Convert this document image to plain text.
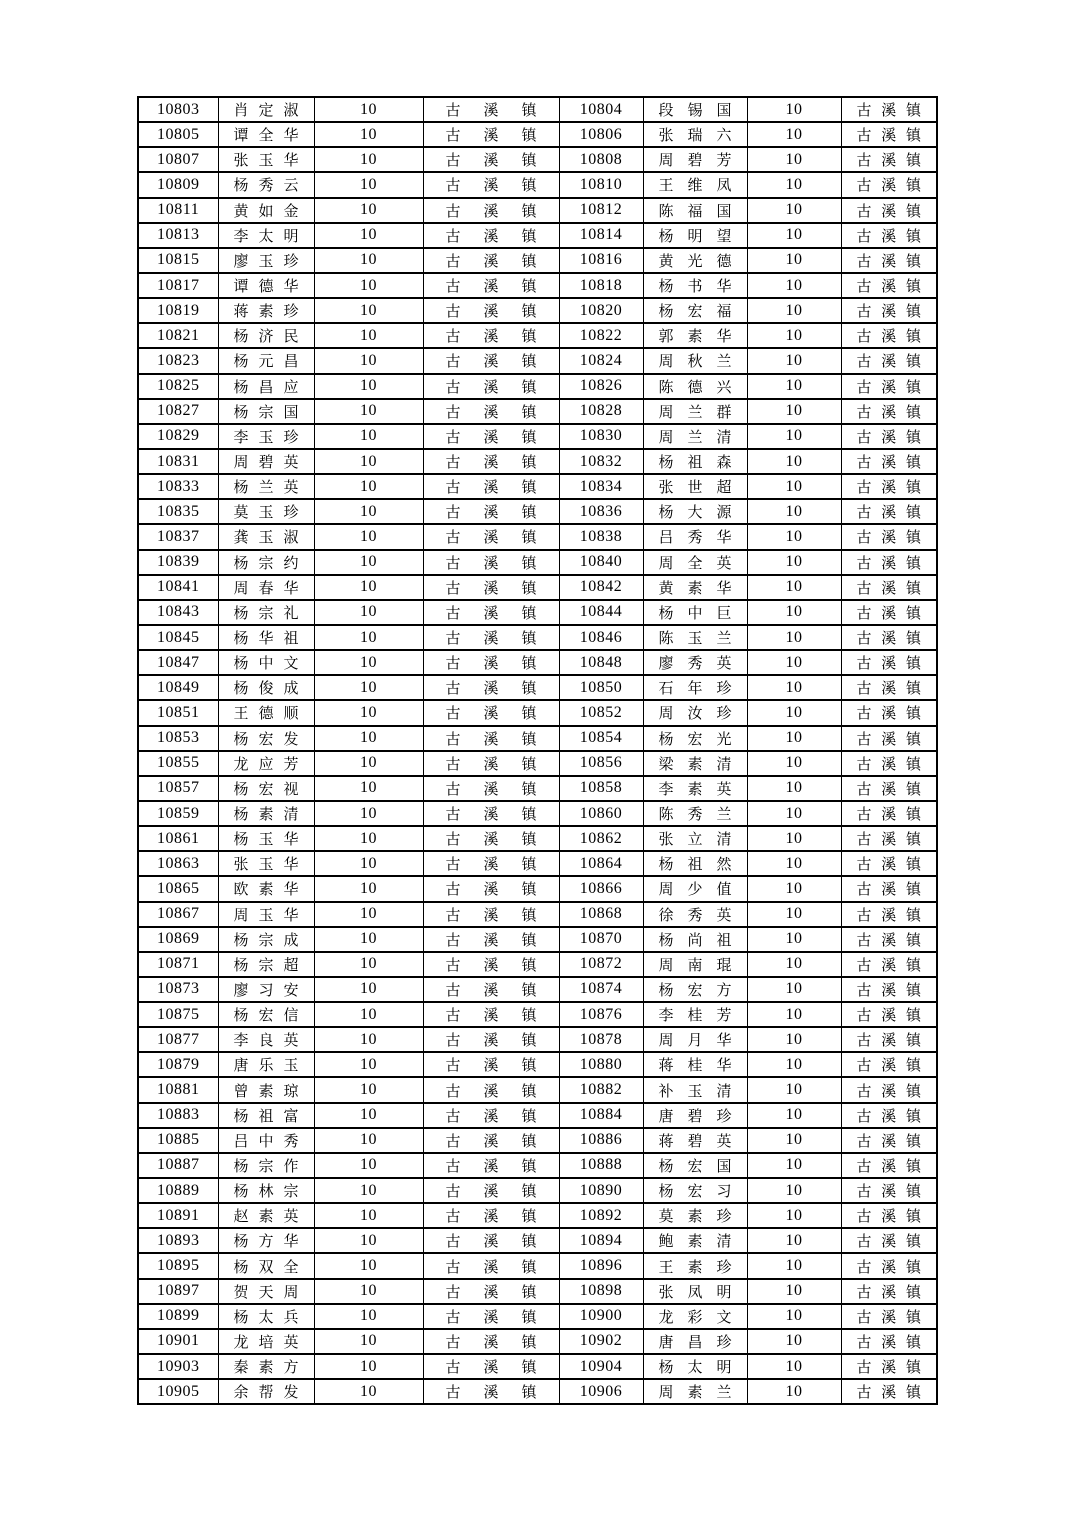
10803	肖定淑	10	古溪镇	10804	段锡国	10	古溪镇

10805	谭全华	10	古溪镇	10806	张瑞六	10	古溪镇

10807	张玉华	10	古溪镇	10808	周碧芳	10	古溪镇

10809	杨秀云	10	古溪镇	10810	王维凤	10	古溪镇

10811	黄如金	10	古溪镇	10812	陈福国	10	古溪镇

10813	李太明	10	古溪镇	10814	杨明望	10	古溪镇

10815	廖玉珍	10	古溪镇	10816	黄光德	10	古溪镇

10817	谭德华	10	古溪镇	10818	杨书华	10	古溪镇

10819	蒋素珍	10	古溪镇	10820	杨宏福	10	古溪镇

10821	杨济民	10	古溪镇	10822	郭素华	10	古溪镇

10823	杨元昌	10	古溪镇	10824	周秋兰	10	古溪镇

10825	杨昌应	10	古溪镇	10826	陈德兴	10	古溪镇

10827	杨宗国	10	古溪镇	10828	周兰群	10	古溪镇

10829	李玉珍	10	古溪镇	10830	周兰清	10	古溪镇

10831	周碧英	10	古溪镇	10832	杨祖森	10	古溪镇

10833	杨兰英	10	古溪镇	10834	张世超	10	古溪镇

10835	莫玉珍	10	古溪镇	10836	杨大源	10	古溪镇

10837	龚玉淑	10	古溪镇	10838	吕秀华	10	古溪镇

10839	杨宗约	10	古溪镇	10840	周全英	10	古溪镇

10841	周春华	10	古溪镇	10842	黄素华	10	古溪镇

10843	杨宗礼	10	古溪镇	10844	杨中巨	10	古溪镇

10845	杨华祖	10	古溪镇	10846	陈玉兰	10	古溪镇

10847	杨中文	10	古溪镇	10848	廖秀英	10	古溪镇

10849	杨俊成	10	古溪镇	10850	石年珍	10	古溪镇

10851	王德顺	10	古溪镇	10852	周汝珍	10	古溪镇

10853	杨宏发	10	古溪镇	10854	杨宏光	10	古溪镇

10855	龙应芳	10	古溪镇	10856	梁素清	10	古溪镇

10857	杨宏视	10	古溪镇	10858	李素英	10	古溪镇

10859	杨素清	10	古溪镇	10860	陈秀兰	10	古溪镇

10861	杨玉华	10	古溪镇	10862	张立清	10	古溪镇

10863	张玉华	10	古溪镇	10864	杨祖然	10	古溪镇

10865	欧素华	10	古溪镇	10866	周少值	10	古溪镇

10867	周玉华	10	古溪镇	10868	徐秀英	10	古溪镇

10869	杨宗成	10	古溪镇	10870	杨尚祖	10	古溪镇

10871	杨宗超	10	古溪镇	10872	周南琨	10	古溪镇

10873	廖习安	10	古溪镇	10874	杨宏方	10	古溪镇

10875	杨宏信	10	古溪镇	10876	李桂芳	10	古溪镇

10877	李良英	10	古溪镇	10878	周月华	10	古溪镇

10879	唐乐玉	10	古溪镇	10880	蒋桂华	10	古溪镇

10881	曾素琼	10	古溪镇	10882	补玉清	10	古溪镇

10883	杨祖富	10	古溪镇	10884	唐碧珍	10	古溪镇

10885	吕中秀	10	古溪镇	10886	蒋碧英	10	古溪镇

10887	杨宗作	10	古溪镇	10888	杨宏国	10	古溪镇

10889	杨林宗	10	古溪镇	10890	杨宏习	10	古溪镇

10891	赵素英	10	古溪镇	10892	莫素珍	10	古溪镇

10893	杨方华	10	古溪镇	10894	鲍素清	10	古溪镇

10895	杨双全	10	古溪镇	10896	王素珍	10	古溪镇

10897	贺天周	10	古溪镇	10898	张凤明	10	古溪镇

10899	杨太兵	10	古溪镇	10900	龙彩文	10	古溪镇

10901	龙培英	10	古溪镇	10902	唐昌珍	10	古溪镇

10903	秦素方	10	古溪镇	10904	杨太明	10	古溪镇

10905	余帮发	10	古溪镇	10906	周素兰	10	古溪镇
